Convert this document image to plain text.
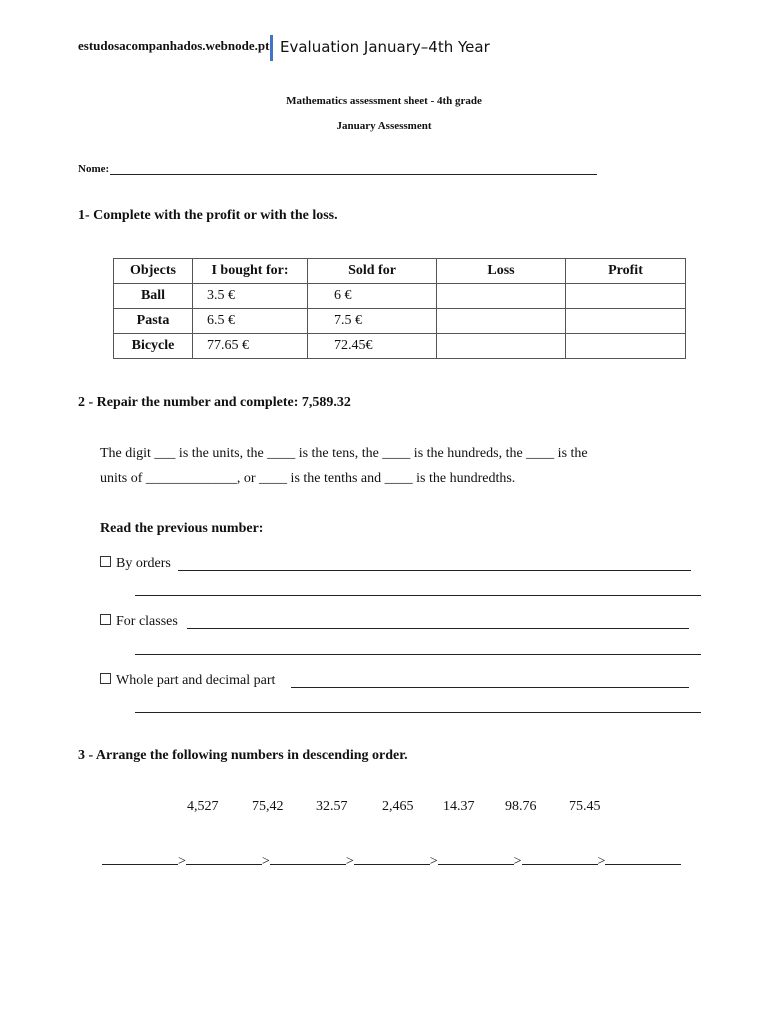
estudosacompanhados.webnode.pt Evaluation January–4th Year
Mathematics assessment sheet - 4th grade
January Assessment
Nome:
1- Complete with the profit or with the loss.
Objects	I bought for:	Sold for	Loss	Profit
Ball	3.5 €	6 €		
Pasta	6.5 €	7.5 €		
Bicycle	77.65 €	72.45€		
2 - Repair the number and complete: 7,589.32
The digit ___ is the units, the ____ is the tens, the ____ is the hundreds, the ____ is the
units of _____________, or ____ is the tenths and ____ is the hundredths.
Read the previous number:
By orders
For classes
Whole part and decimal part
3 - Arrange the following numbers in descending order.
4,527 75,42 32.57 2,465 14.37 98.76 75.45
>	>	>	>	>	>
